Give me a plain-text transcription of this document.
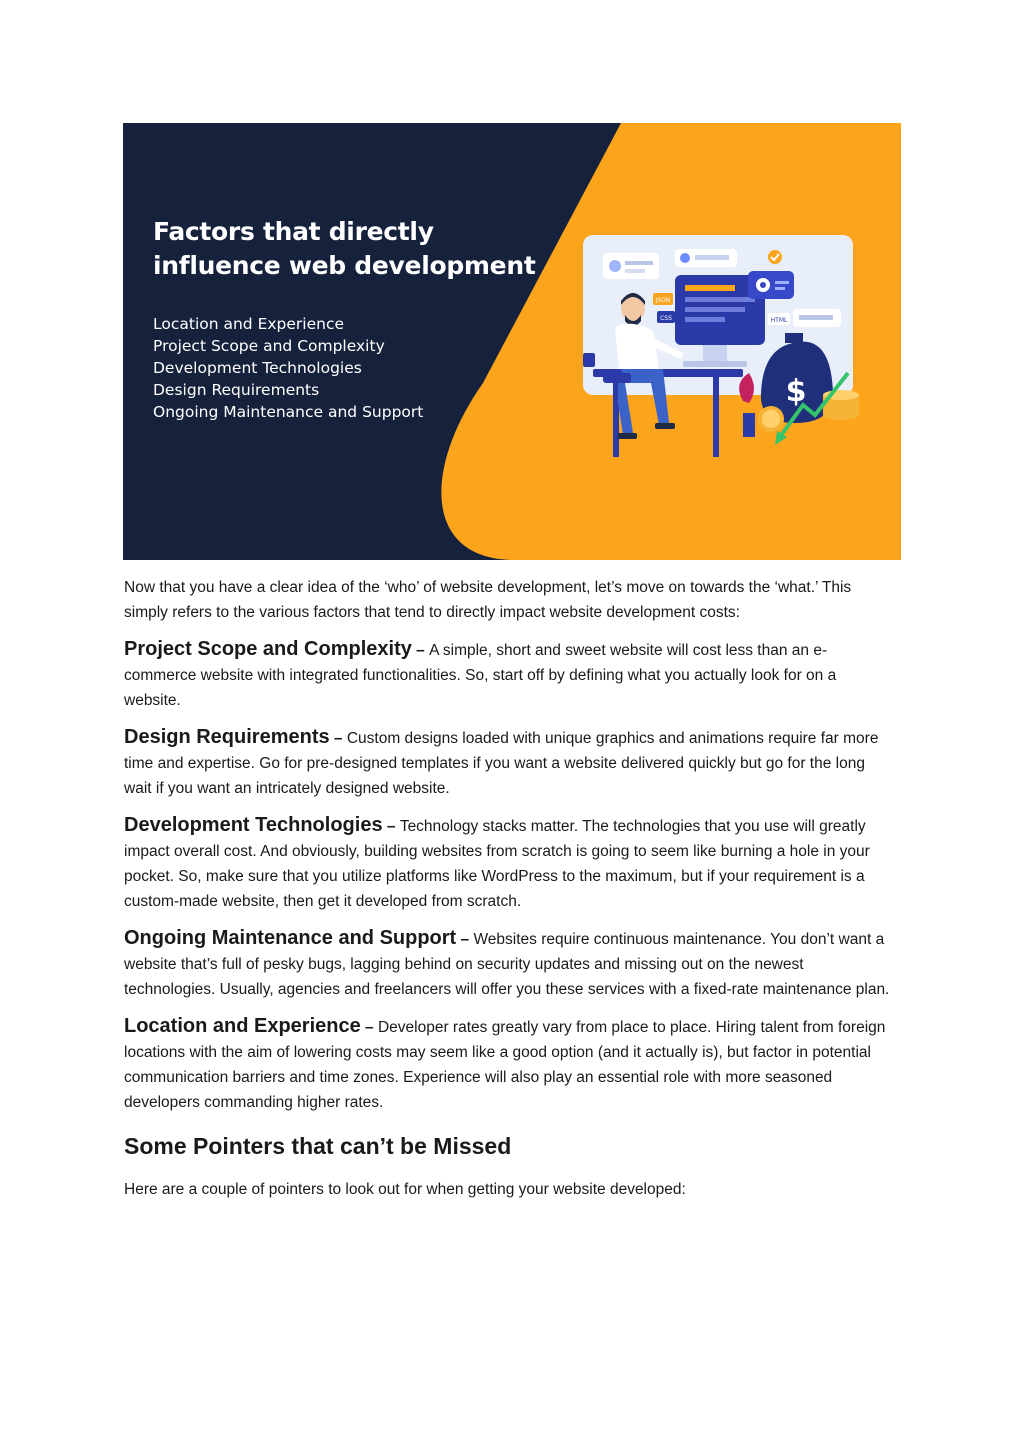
Factors that directly
influence web development
Location and Experience
Project Scope and Complexity
Development Technologies
Design Requirements
Ongoing Maintenance and Support
JSON
CSS	HTML
$

Now that you have a clear idea of the ‘who’ of website development, let’s move on towards the ‘what.’ This simply refers to the various factors that tend to directly impact website development costs:

Project Scope and Complexity – A simple, short and sweet website will cost less than an e-commerce website with integrated functionalities. So, start off by defining what you actually look for on a website.

Design Requirements – Custom designs loaded with unique graphics and animations require far more time and expertise. Go for pre-designed templates if you want a website delivered quickly but go for the long wait if you want an intricately designed website.

Development Technologies – Technology stacks matter. The technologies that you use will greatly impact overall cost. And obviously, building websites from scratch is going to seem like burning a hole in your pocket. So, make sure that you utilize platforms like WordPress to the maximum, but if your requirement is a custom-made website, then get it developed from scratch.

Ongoing Maintenance and Support – Websites require continuous maintenance. You don’t want a website that’s full of pesky bugs, lagging behind on security updates and missing out on the newest technologies. Usually, agencies and freelancers will offer you these services with a fixed-rate maintenance plan.

Location and Experience – Developer rates greatly vary from place to place. Hiring talent from foreign locations with the aim of lowering costs may seem like a good option (and it actually is), but factor in potential communication barriers and time zones. Experience will also play an essential role with more seasoned developers commanding higher rates.

Some Pointers that can’t be Missed

Here are a couple of pointers to look out for when getting your website developed:
